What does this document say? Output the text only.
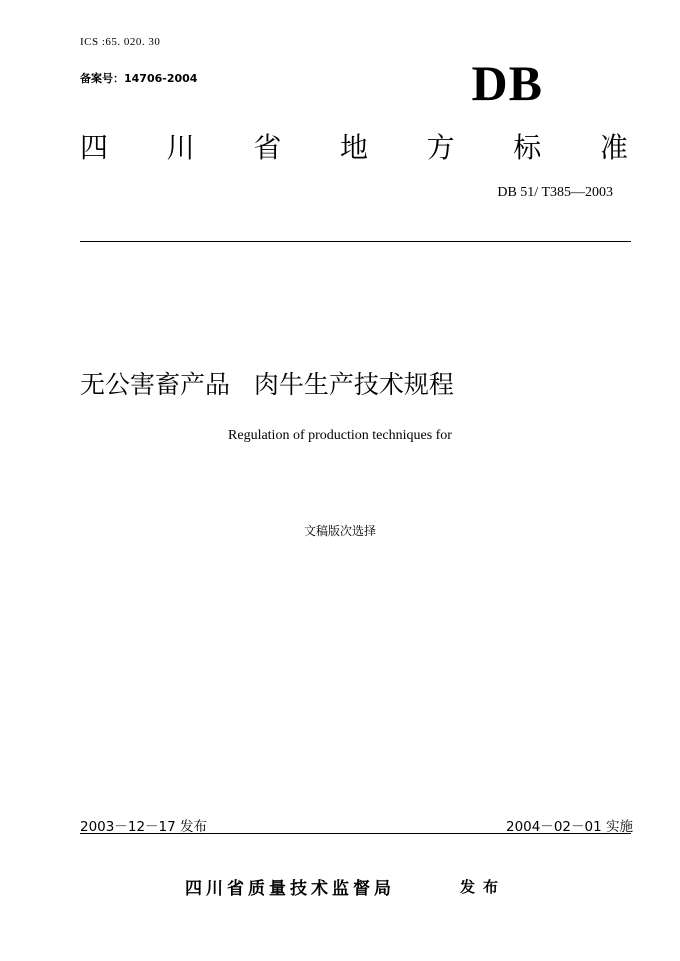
ICS :65. 020. 30
备案号：14706-2004	DB
四 川 省 地 方 标 准
DB 51/ T385—2003
无公害畜产品   肉牛生产技术规程
Regulation of production techniques for
文稿版次选择
2003－12－17 发布	2004－02－01 实施
四川省质量技术监督局	发布
